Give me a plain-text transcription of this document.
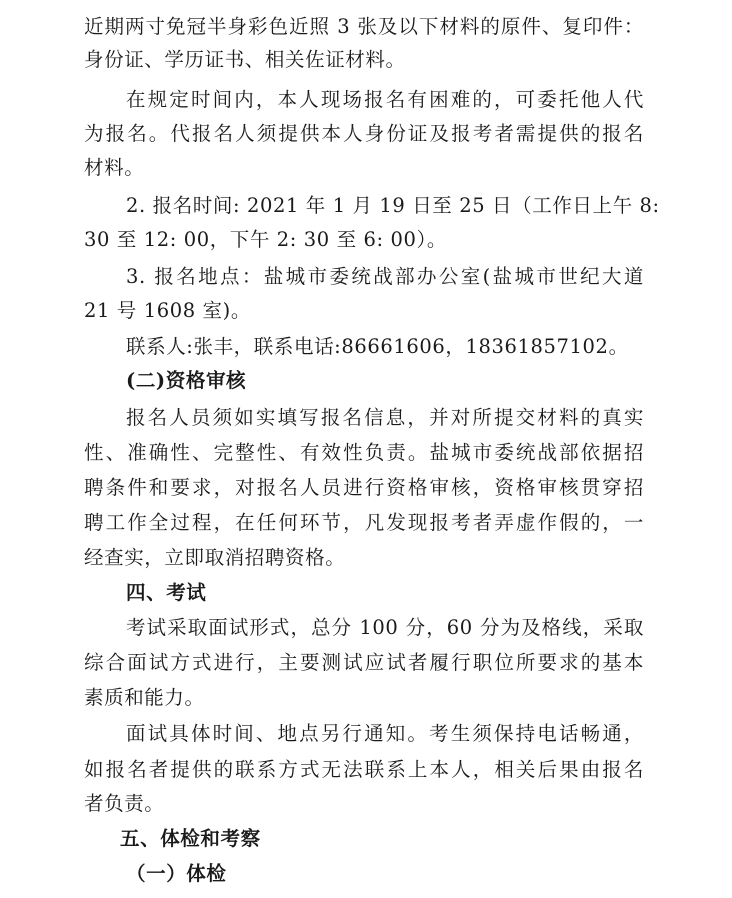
近期两寸免冠半身彩色近照 3 张及以下材料的原件、复印件：
身份证、学历证书、相关佐证材料。
在规定时间内，本人现场报名有困难的，可委托他人代
为报名。代报名人须提供本人身份证及报考者需提供的报名
材料。
2. 报名时间: 2021 年 1 月 19 日至 25 日（工作日上午 8:
30 至 12: 00，下午 2: 30 至 6: 00）。
3. 报名地点：盐城市委统战部办公室(盐城市世纪大道
21 号 1608 室)。
联系人:张丰，联系电话:86661606，18361857102。
(二)资格审核
报名人员须如实填写报名信息，并对所提交材料的真实
性、准确性、完整性、有效性负责。盐城市委统战部依据招
聘条件和要求，对报名人员进行资格审核，资格审核贯穿招
聘工作全过程，在任何环节，凡发现报考者弄虚作假的，一
经查实，立即取消招聘资格。
四、考试
考试采取面试形式，总分 100 分，60 分为及格线，采取
综合面试方式进行，主要测试应试者履行职位所要求的基本
素质和能力。
面试具体时间、地点另行通知。考生须保持电话畅通，
如报名者提供的联系方式无法联系上本人，相关后果由报名
者负责。
五、体检和考察
（一）体检
